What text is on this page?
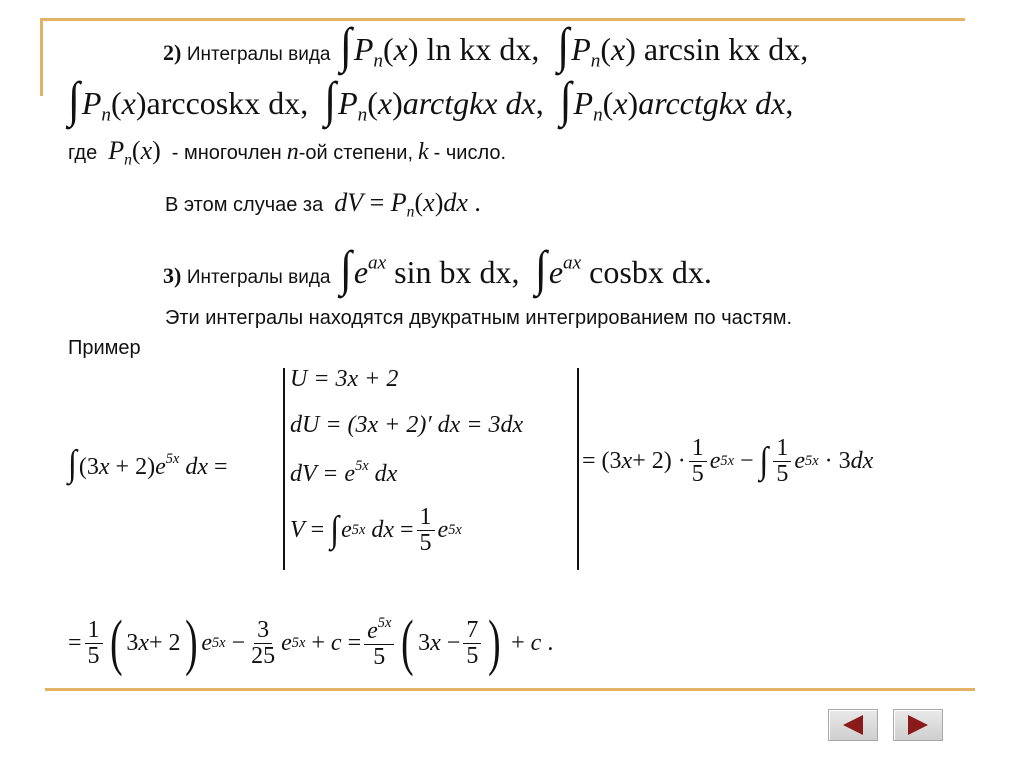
2) Интегралы вида $\int P_n(x)$ ln kx dx, $\int P_n(x)$ arcsin kx dx,
$\int P_n(x)arccoskx$ dx, $\int P_n(x)arctgkx$ dx, $\int P_n(x)arcctgkx$ dx,
где $P_n(x)$ - многочлен n-ой степени, k - число.
В этом случае за dV = $P_n(x)dx$ .
3) Интегралы вида $\int e^{ax}$ sin bx dx, $\int e^{ax}$ cosbx dx.
Эти интегралы находятся двукратным интегрированием по частям.
Пример
$\int(3x + 2)e^{5x}$ dx =
U = 3x + 2
dU = (3x + 2)′ dx = 3dx
dV = $e^{5x}$ dx
V = ∫ e 5x
dx = $\frac{1}{5}$ e 5x
= (3 $x + 2) \cdot \frac{1}{5}$ e 5x − ∫ $\frac{1}{5}$ e 5x · 3 dx
= $\frac{1}{5}$ ( 3 x + 2 ) e $5x - \frac{3}{25}$ e $5x + c = \frac{e^{5x}}{5}$ ( 3 $x - \frac{7}{5}$ ) + c .
